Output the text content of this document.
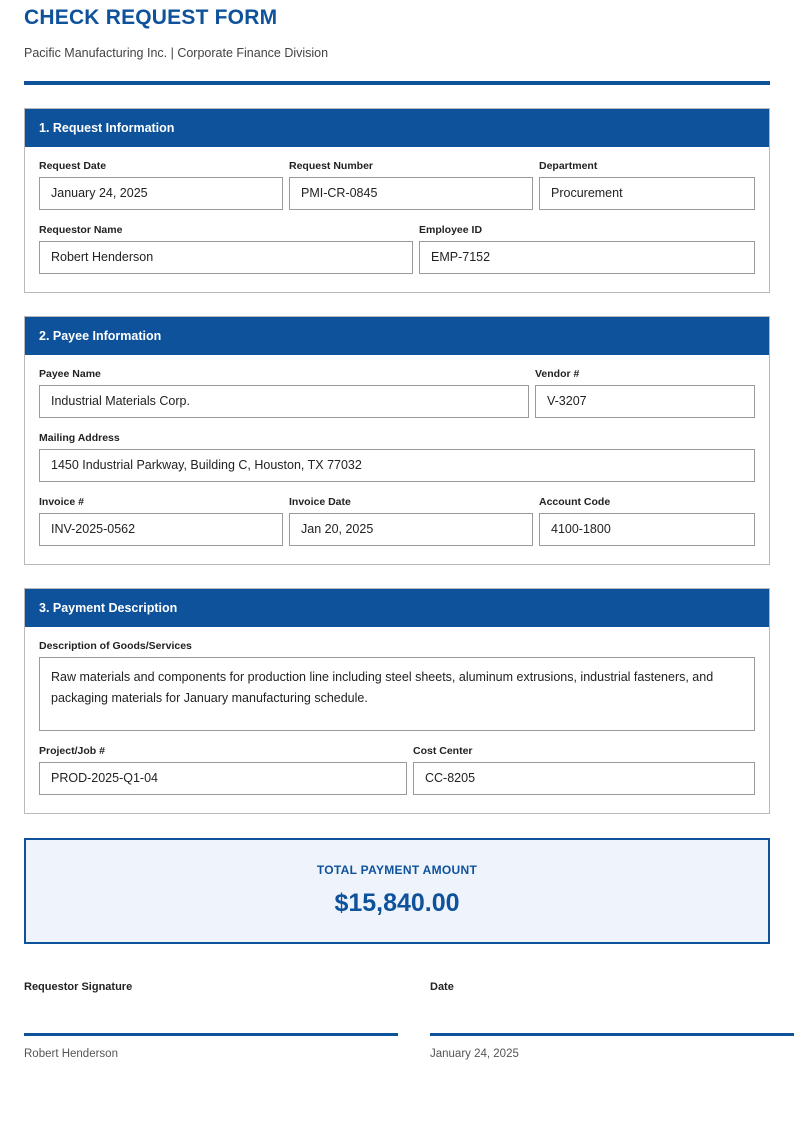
CHECK REQUEST FORM

Pacific Manufacturing Inc. | Corporate Finance Division

1. Request Information
Request Date
January 24, 2025
Request Number
PMI-CR-0845
Department
Procurement
Requestor Name
Robert Henderson
Employee ID
EMP-7152
2. Payee Information
Payee Name
Industrial Materials Corp.
Vendor #
V-3207
Mailing Address
1450 Industrial Parkway, Building C, Houston, TX 77032
Invoice #
INV-2025-0562
Invoice Date
Jan 20, 2025
Account Code
4100-1800
3. Payment Description
Description of Goods/Services
Raw materials and components for production line including steel sheets, aluminum extrusions, industrial fasteners, and packaging materials for January manufacturing schedule.
Project/Job #
PROD-2025-Q1-04
Cost Center
CC-8205
TOTAL PAYMENT AMOUNT
$15,840.00
Requestor Signature
Robert Henderson
Date
January 24, 2025
